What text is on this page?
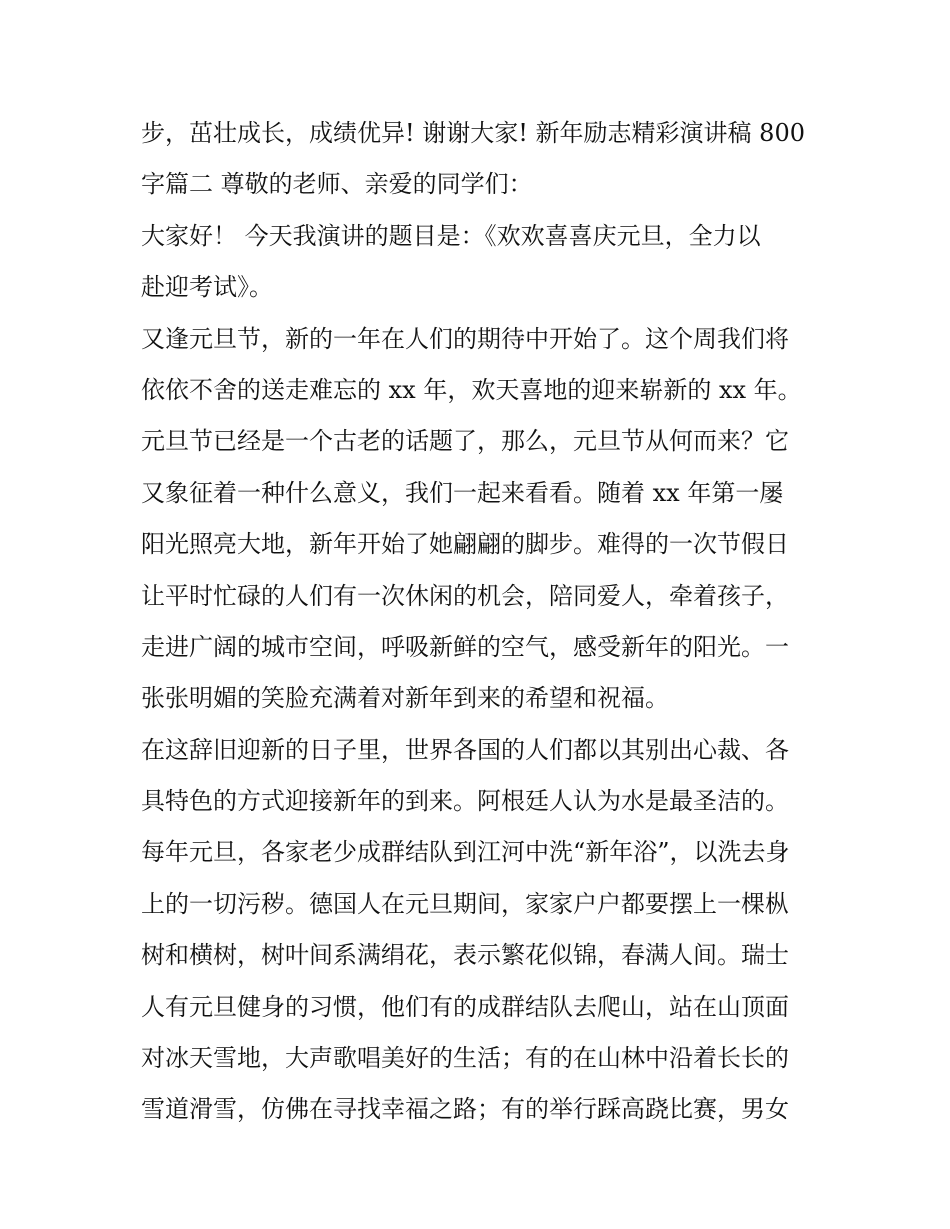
步，茁壮成长，成绩优异! 谢谢大家! 新年励志精彩演讲稿 800
字篇二 尊敬的老师、亲爱的同学们：
大家好！ 今天我演讲的题目是：《欢欢喜喜庆元旦，全力以
赴迎考试》。
又逢元旦节，新的一年在人们的期待中开始了。这个周我们将
依依不舍的送走难忘的 xx 年，欢天喜地的迎来崭新的 xx 年。
元旦节已经是一个古老的话题了，那么，元旦节从何而来？它
又象征着一种什么意义，我们一起来看看。随着 xx 年第一屡
阳光照亮大地，新年开始了她翩翩的脚步。难得的一次节假日
让平时忙碌的人们有一次休闲的机会，陪同爱人，牵着孩子，
走进广阔的城市空间，呼吸新鲜的空气，感受新年的阳光。一
张张明媚的笑脸充满着对新年到来的希望和祝福。
在这辞旧迎新的日子里，世界各国的人们都以其别出心裁、各
具特色的方式迎接新年的到来。阿根廷人认为水是最圣洁的。
每年元旦，各家老少成群结队到江河中洗“新年浴”，以洗去身
上的一切污秽。德国人在元旦期间，家家户户都要摆上一棵枞
树和横树，树叶间系满绢花，表示繁花似锦，春满人间。瑞士
人有元旦健身的习惯，他们有的成群结队去爬山，站在山顶面
对冰天雪地，大声歌唱美好的生活；有的在山林中沿着长长的
雪道滑雪，仿佛在寻找幸福之路；有的举行踩高跷比赛，男女
